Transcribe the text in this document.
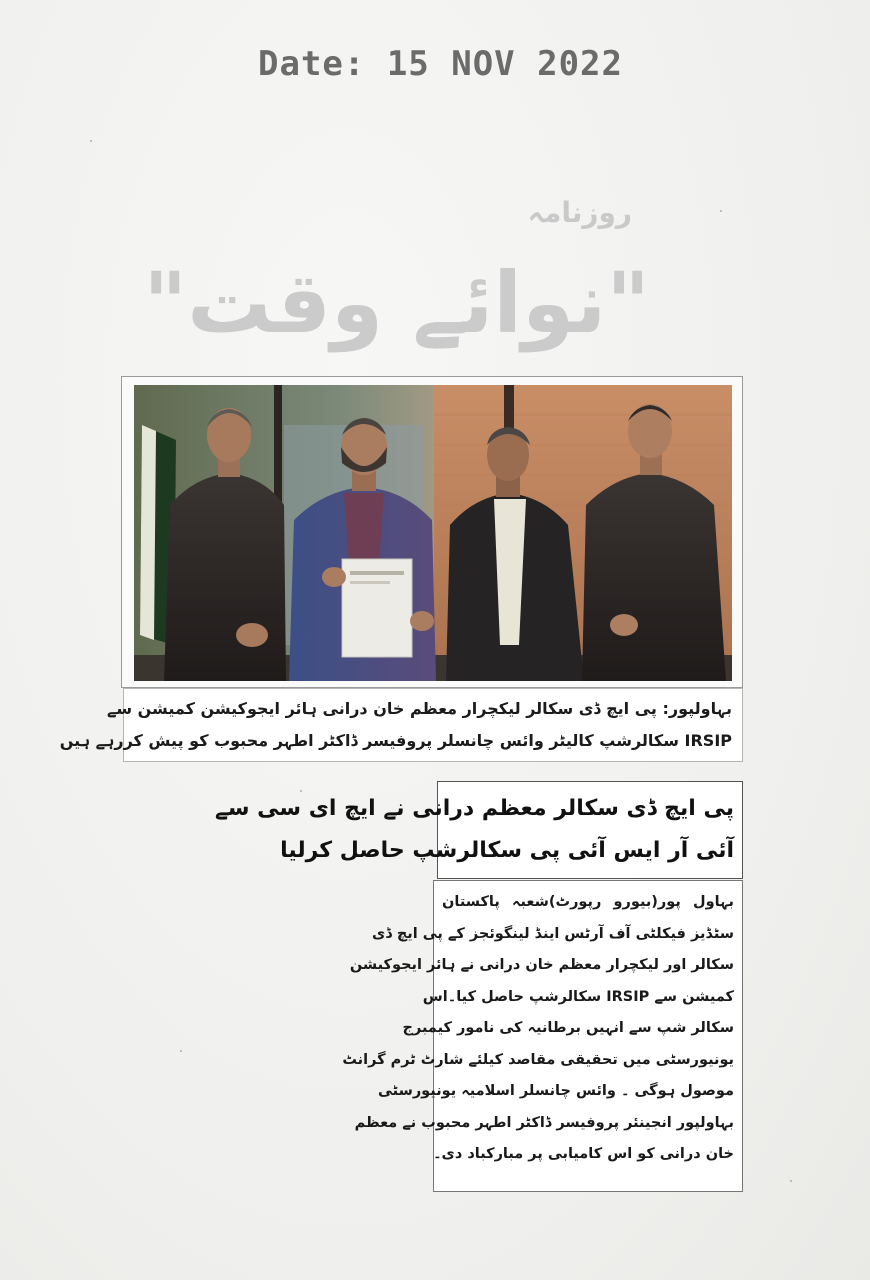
Date: 15 NOV 2022
روزنامہ
"نوائے وقت"

بہاولپور: پی ایچ ڈی سکالر لیکچرار معظم خان درانی ہائر ایجوکیشن کمیشن سے

IRSIP سکالرشپ کالیٹر وائس چانسلر پروفیسر ڈاکٹر اطہر محبوب کو پیش کررہے ہیں

پی ایچ ڈی سکالر معظم درانی نے ایچ ای سی سے

آئی آر ایس آئی پی سکالرشپ حاصل کرلیا

بہاول پور(بیورو رپورٹ)شعبہ پاکستان

سٹڈیز فیکلٹی آف آرٹس اینڈ لینگوئجز کے پی ایچ ڈی

سکالر اور لیکچرار معظم خان درانی نے ہائر ایجوکیشن

کمیشن سے IRSIP سکالرشپ حاصل کیا۔اس

سکالر شپ سے انہیں برطانیہ کی نامور کیمبرج

یونیورسٹی میں تحقیقی مقاصد کیلئے شارٹ ٹرم گرانٹ

موصول ہوگی ۔ وائس چانسلر اسلامیہ یونیورسٹی

بہاولپور انجینئر پروفیسر ڈاکٹر اطہر محبوب نے معظم

خان درانی کو اس کامیابی پر مبارکباد دی۔
